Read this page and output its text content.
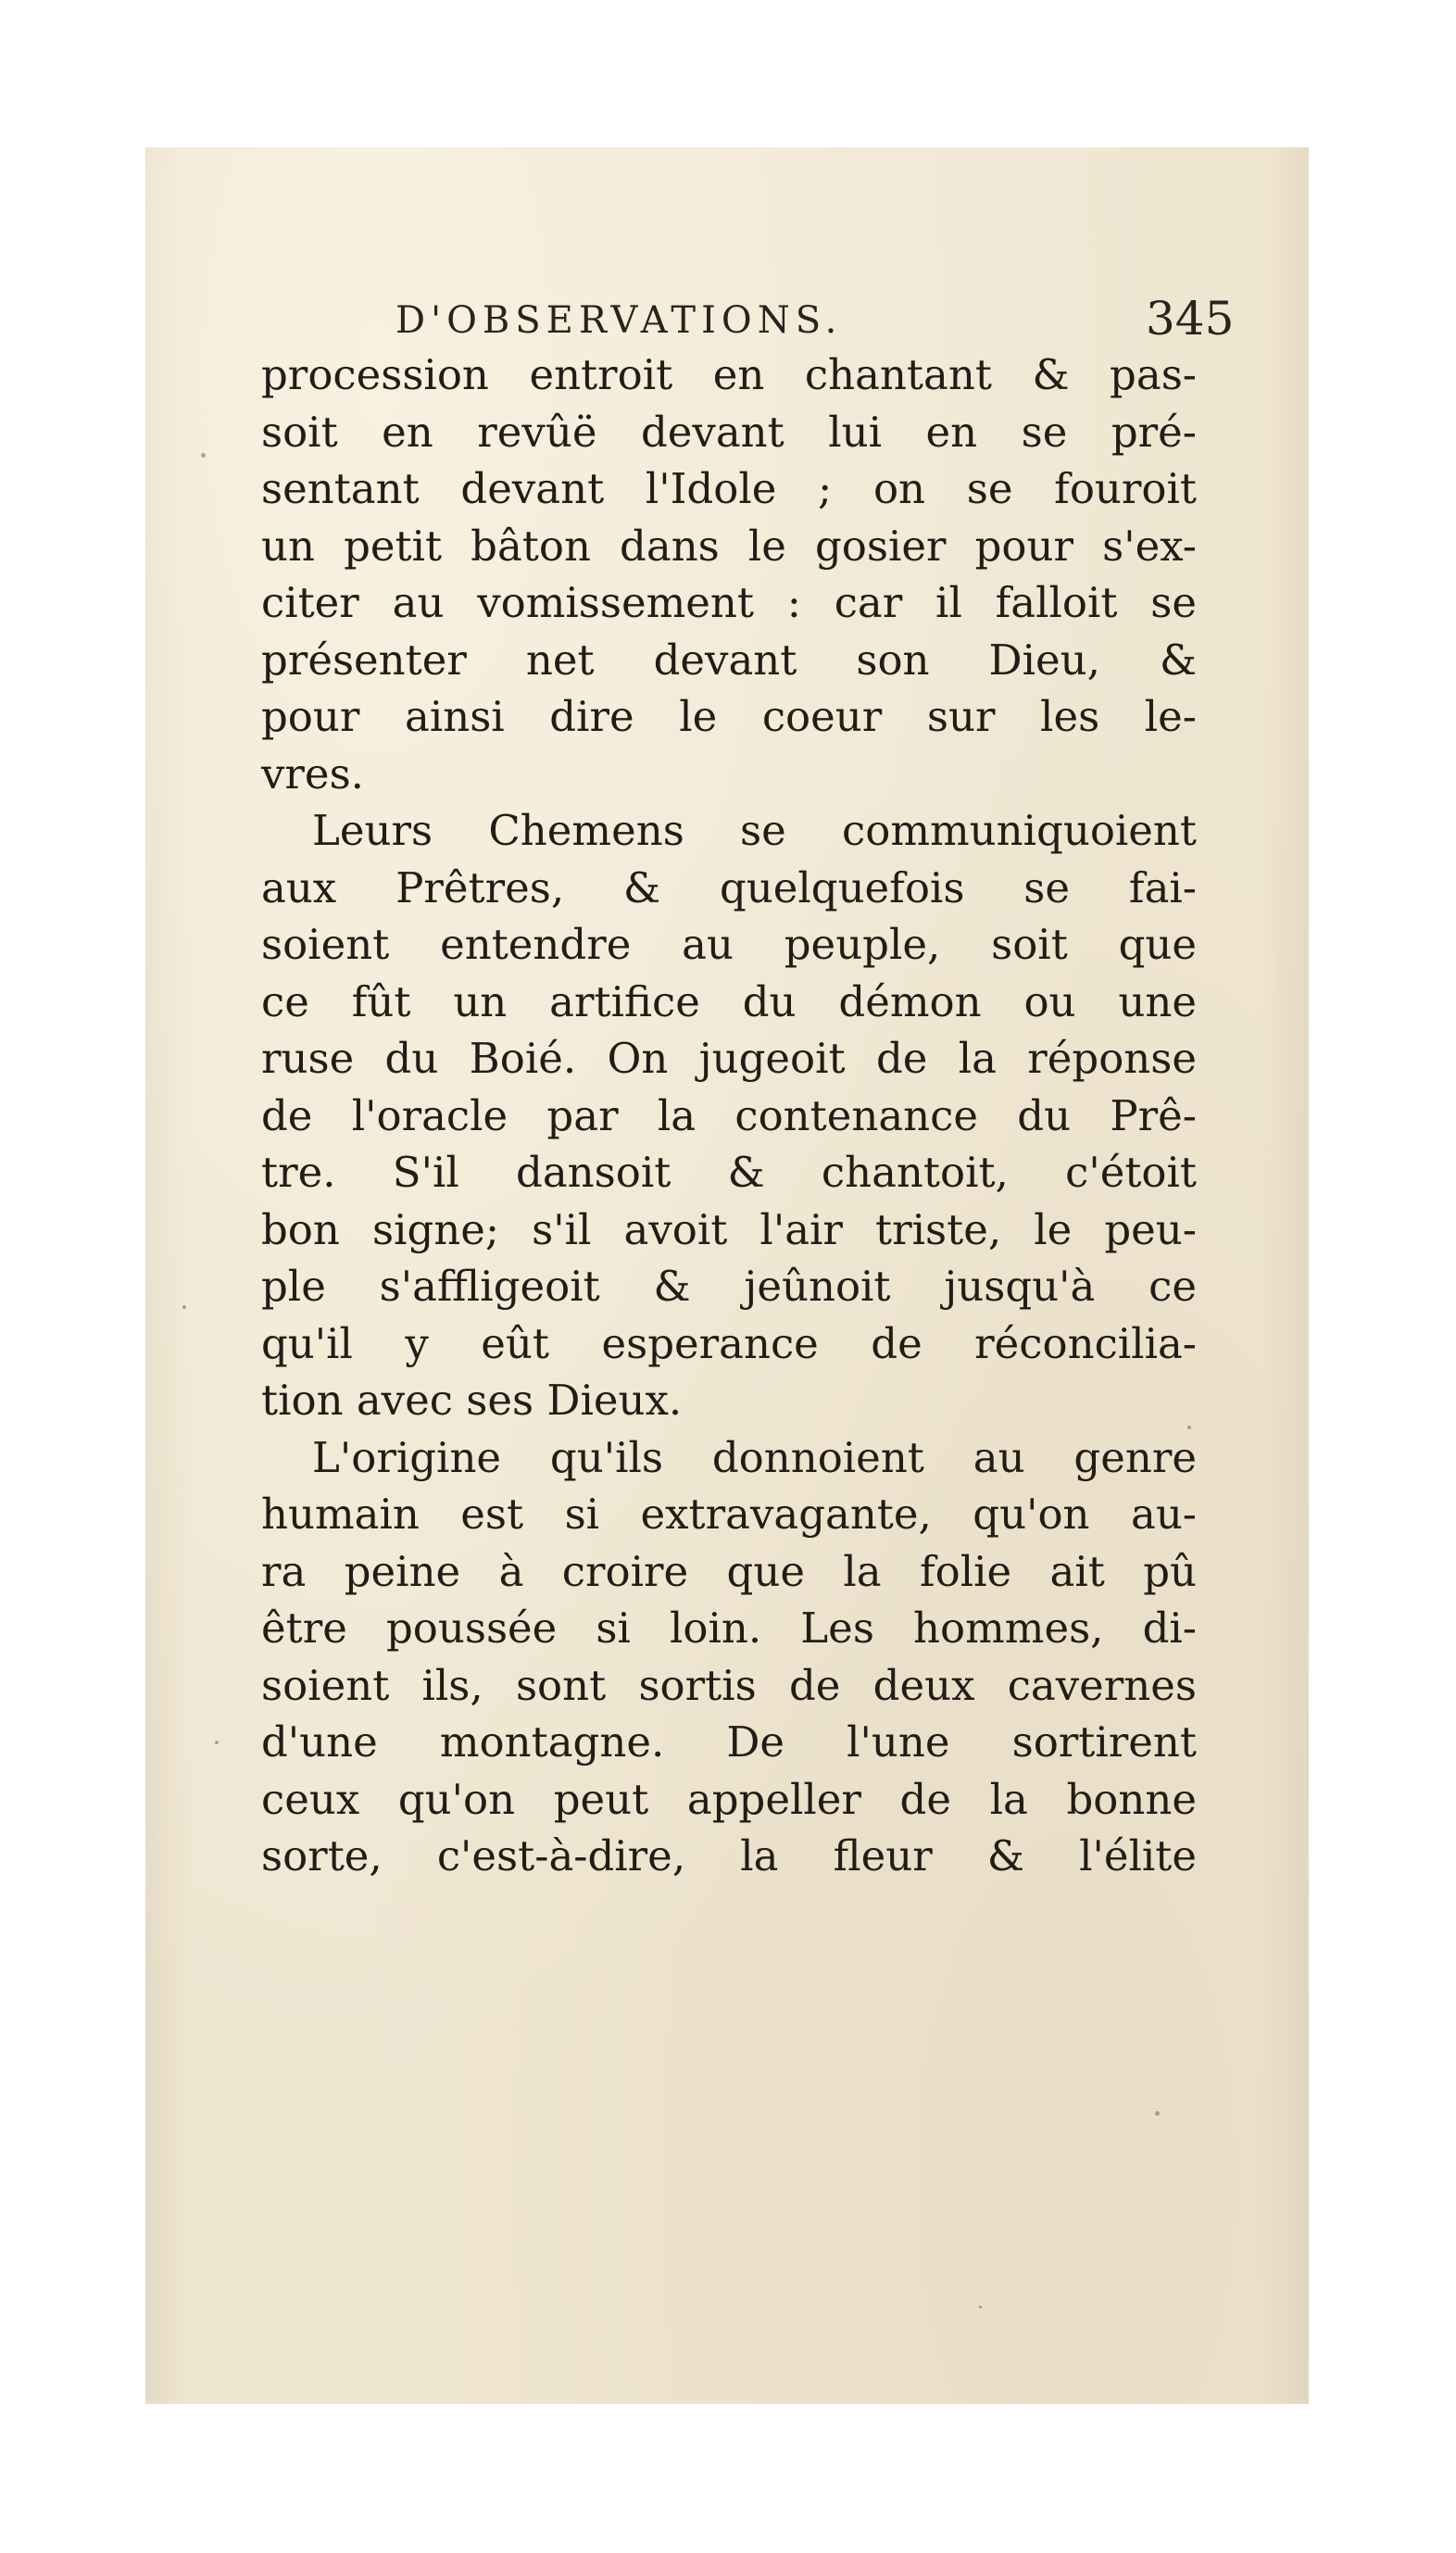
D'OBSERVATIONS.	345
procession entroit en chantant & pas-
soit en revûë devant lui en se pré-
sentant devant l'Idole ; on se fouroit
un petit bâton dans le gosier pour s'ex-
citer au vomissement : car il falloit se
présenter net devant son Dieu, &
pour ainsi dire le coeur sur les le-
vres.
Leurs Chemens se communiquoient
aux Prêtres, & quelquefois se fai-
soient entendre au peuple, soit que
ce fût un artifice du démon ou une
ruse du Boié. On jugeoit de la réponse
de l'oracle par la contenance du Prê-
tre. S'il dansoit & chantoit, c'étoit
bon signe; s'il avoit l'air triste, le peu-
ple s'affligeoit & jeûnoit jusqu'à ce
qu'il y eût esperance de réconcilia-
tion avec ses Dieux.
L'origine qu'ils donnoient au genre
humain est si extravagante, qu'on au-
ra peine à croire que la folie ait pû
être poussée si loin. Les hommes, di-
soient ils, sont sortis de deux cavernes
d'une montagne. De l'une sortirent
ceux qu'on peut appeller de la bonne
sorte, c'est-à-dire, la fleur & l'élite
